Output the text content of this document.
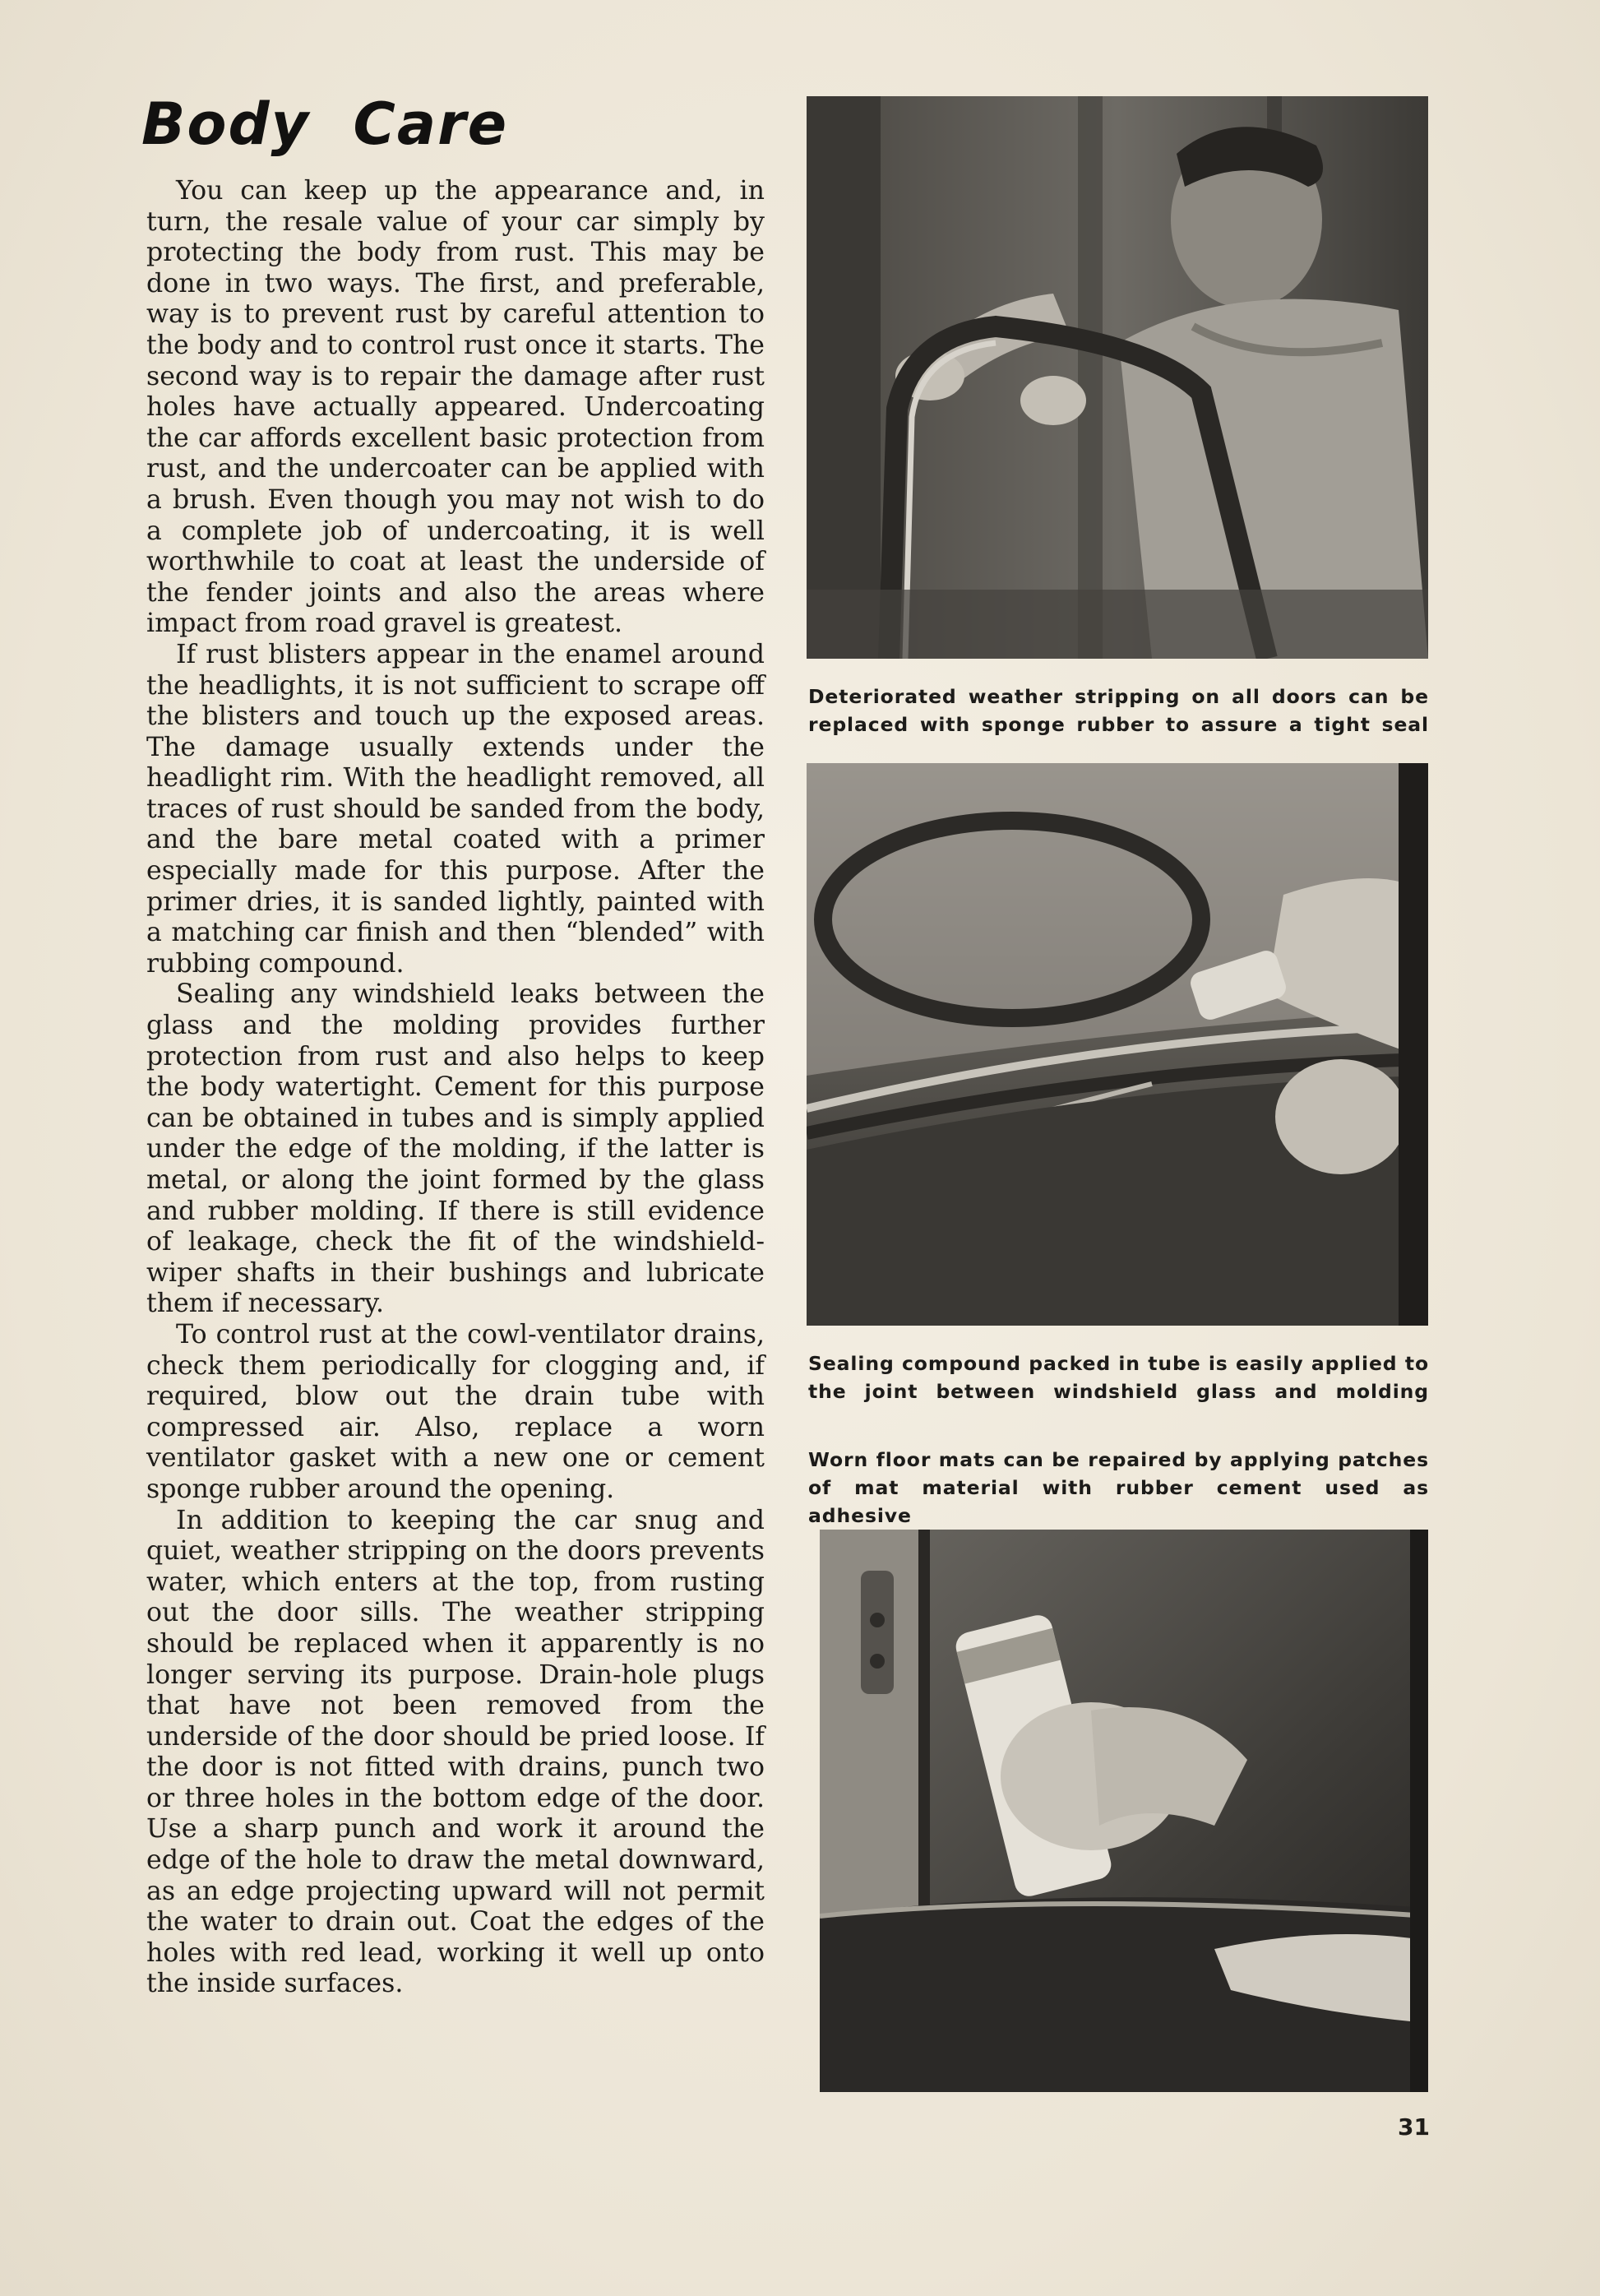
Body Care

You can keep up the appearance and, in turn, the resale value of your car simply by protecting the body from rust. This may be done in two ways. The first, and preferable, way is to prevent rust by careful attention to the body and to control rust once it starts. The second way is to repair the damage after rust holes have actually appeared. Undercoating the car affords excellent basic protection from rust, and the undercoater can be applied with a brush. Even though you may not wish to do a complete job of undercoating, it is well worthwhile to coat at least the underside of the fender joints and also the areas where impact from road gravel is greatest.

If rust blisters appear in the enamel around the headlights, it is not sufficient to scrape off the blisters and touch up the exposed areas. The damage usually extends under the headlight rim. With the headlight removed, all traces of rust should be sanded from the body, and the bare metal coated with a primer especially made for this purpose. After the primer dries, it is sanded lightly, painted with a matching car finish and then “blended” with rubbing compound.

Sealing any windshield leaks between the glass and the molding provides further protection from rust and also helps to keep the body watertight. Cement for this purpose can be obtained in tubes and is simply applied under the edge of the molding, if the latter is metal, or along the joint formed by the glass and rubber molding. If there is still evidence of leakage, check the fit of the windshield-wiper shafts in their bushings and lubricate them if necessary.

To control rust at the cowl-ventilator drains, check them periodically for clogging and, if required, blow out the drain tube with compressed air. Also, replace a worn ventilator gasket with a new one or cement sponge rubber around the opening.

In addition to keeping the car snug and quiet, weather stripping on the doors prevents water, which enters at the top, from rusting out the door sills. The weather stripping should be replaced when it apparently is no longer serving its purpose. Drain-hole plugs that have not been removed from the underside of the door should be pried loose. If the door is not fitted with drains, punch two or three holes in the bottom edge of the door. Use a sharp punch and work it around the edge of the hole to draw the metal downward, as an edge projecting upward will not permit the water to drain out. Coat the edges of the holes with red lead, working it well up onto the inside surfaces.

Deteriorated weather stripping on all doors can be replaced with sponge rubber to assure a tight seal
Sealing compound packed in tube is easily applied to the joint between windshield glass and molding
Worn floor mats can be repaired by applying patches of mat material with rubber cement used as adhesive
31
